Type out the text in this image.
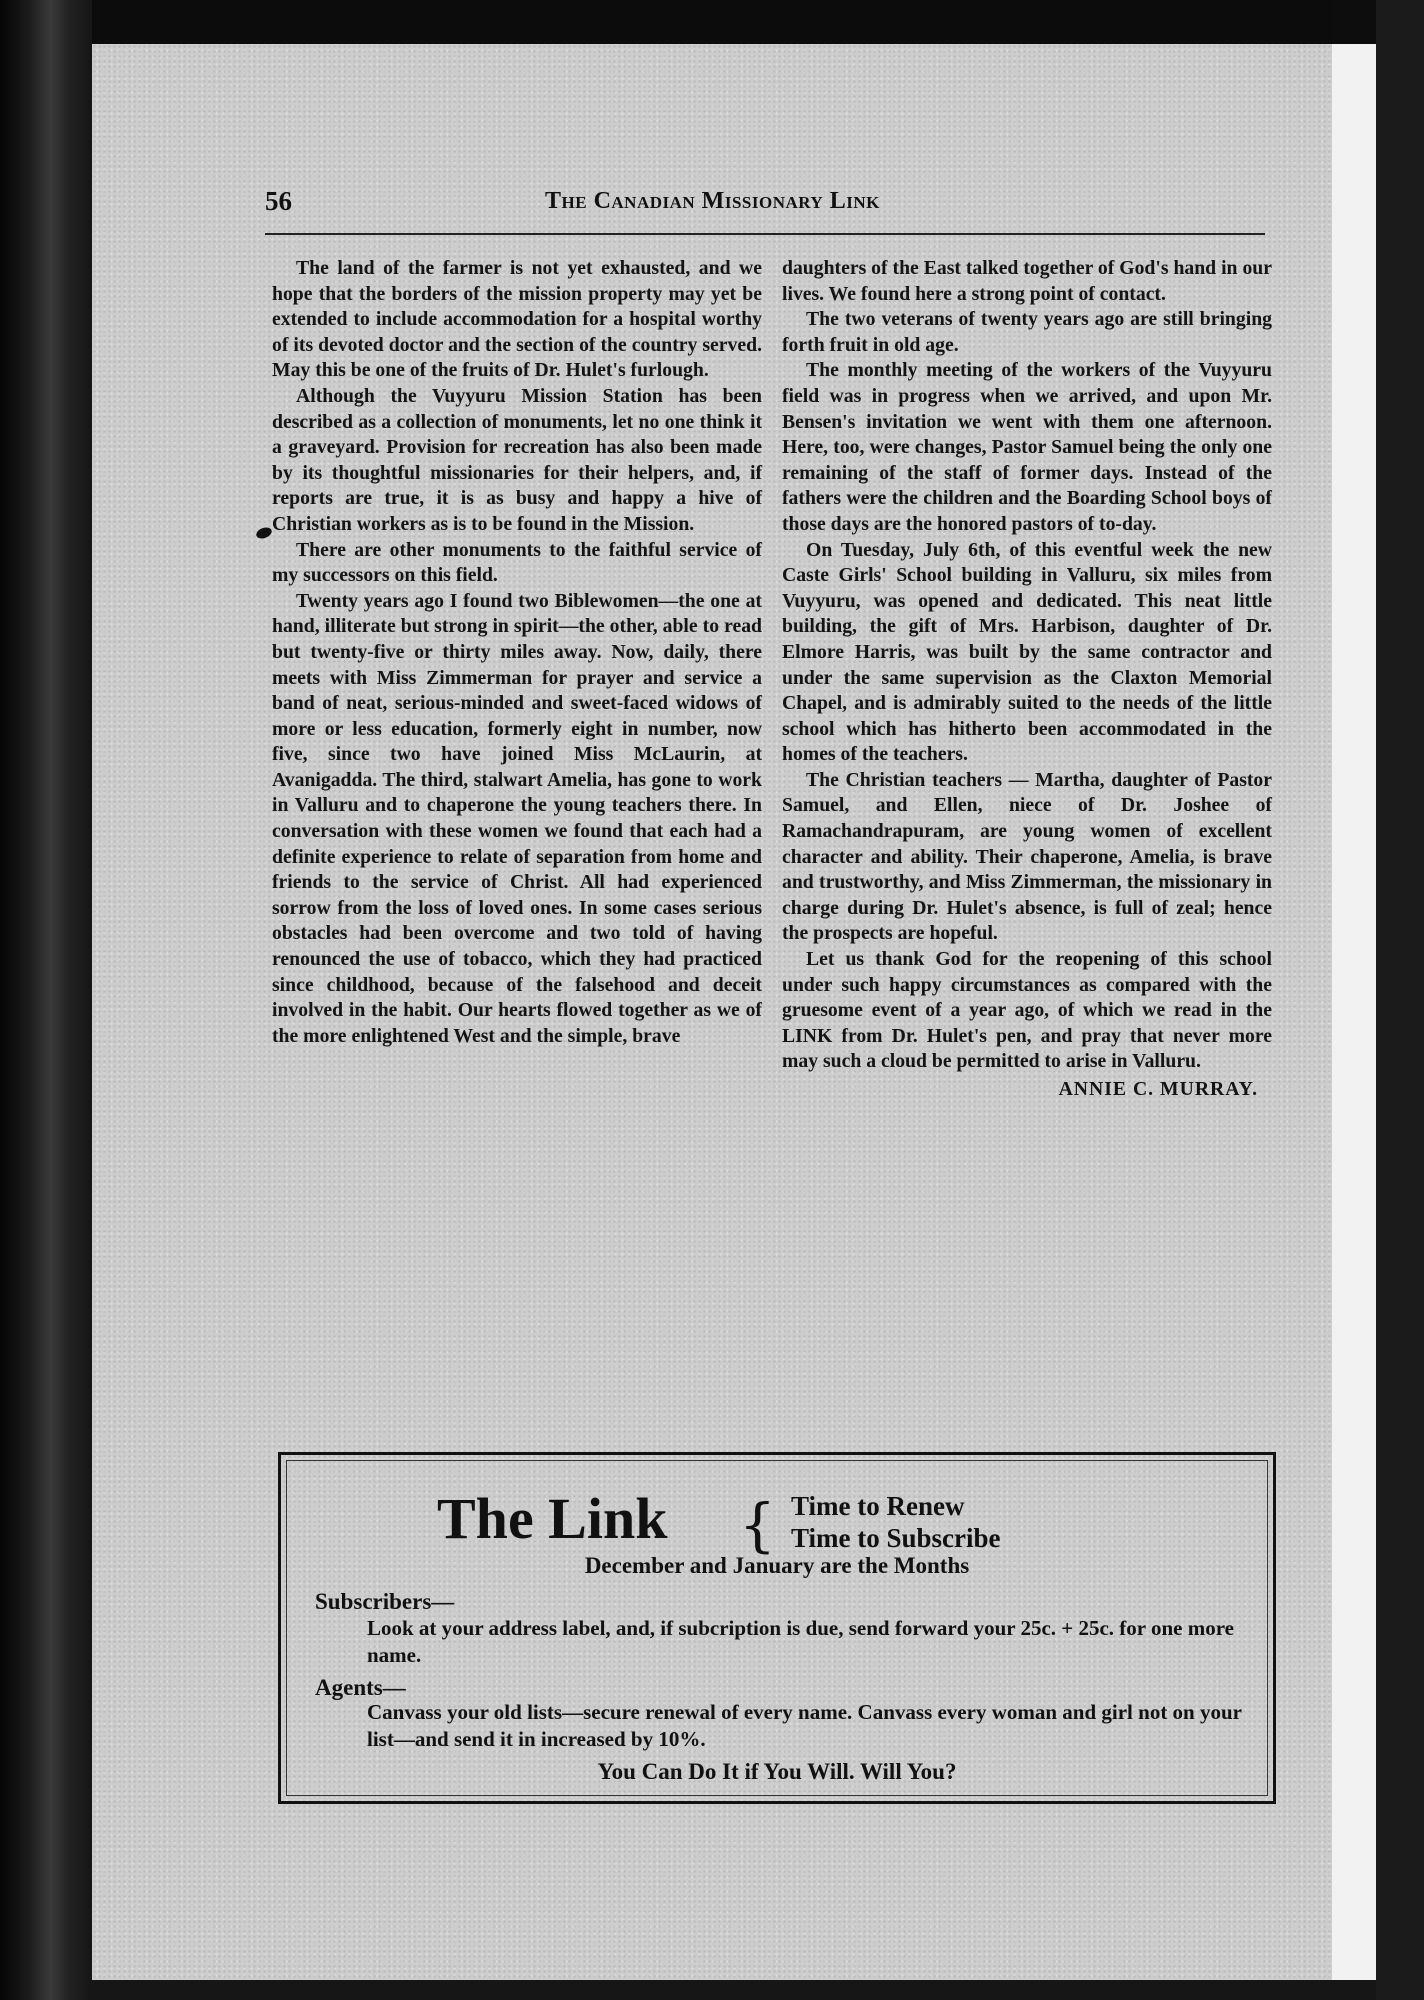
56	The Canadian Missionary Link

The land of the farmer is not yet exhausted, and we hope that the borders of the mission property may yet be extended to include accommodation for a hospital worthy of its devoted doctor and the section of the country served. May this be one of the fruits of Dr. Hulet's furlough.

Although the Vuyyuru Mission Station has been described as a collection of monuments, let no one think it a graveyard. Provision for recreation has also been made by its thoughtful missionaries for their helpers, and, if reports are true, it is as busy and happy a hive of Christian workers as is to be found in the Mission.

There are other monuments to the faithful service of my successors on this field.

Twenty years ago I found two Biblewomen—the one at hand, illiterate but strong in spirit—the other, able to read but twenty-five or thirty miles away. Now, daily, there meets with Miss Zimmerman for prayer and service a band of neat, serious-minded and sweet-faced widows of more or less education, formerly eight in number, now five, since two have joined Miss McLaurin, at Avanigadda. The third, stalwart Amelia, has gone to work in Valluru and to chaperone the young teachers there. In conversation with these women we found that each had a definite experience to relate of separation from home and friends to the service of Christ. All had experienced sorrow from the loss of loved ones. In some cases serious obstacles had been overcome and two told of having renounced the use of tobacco, which they had practiced since childhood, because of the falsehood and deceit involved in the habit. Our hearts flowed together as we of the more enlightened West and the simple, brave

daughters of the East talked together of God's hand in our lives. We found here a strong point of contact.

The two veterans of twenty years ago are still bringing forth fruit in old age.

The monthly meeting of the workers of the Vuyyuru field was in progress when we arrived, and upon Mr. Bensen's invitation we went with them one afternoon. Here, too, were changes, Pastor Samuel being the only one remaining of the staff of former days. Instead of the fathers were the children and the Boarding School boys of those days are the honored pastors of to-day.

On Tuesday, July 6th, of this eventful week the new Caste Girls' School building in Valluru, six miles from Vuyyuru, was opened and dedicated. This neat little building, the gift of Mrs. Harbison, daughter of Dr. Elmore Harris, was built by the same contractor and under the same supervision as the Claxton Memorial Chapel, and is admirably suited to the needs of the little school which has hitherto been accommodated in the homes of the teachers.

The Christian teachers — Martha, daughter of Pastor Samuel, and Ellen, niece of Dr. Joshee of Ramachandrapuram, are young women of excellent character and ability. Their chaperone, Amelia, is brave and trustworthy, and Miss Zimmerman, the missionary in charge during Dr. Hulet's absence, is full of zeal; hence the prospects are hopeful.

Let us thank God for the reopening of this school under such happy circumstances as compared with the gruesome event of a year ago, of which we read in the LINK from Dr. Hulet's pen, and pray that never more may such a cloud be permitted to arise in Valluru.

ANNIE C. MURRAY.
The Link { Time to Renew
Time to Subscribe
December and January are the Months
Subscribers—
Look at your address label, and, if subcription is due, send forward your 25c. + 25c. for one more name.
Agents—
Canvass your old lists—secure renewal of every name. Canvass every woman and girl not on your list—and send it in increased by 10%.
You Can Do It if You Will. Will You?
